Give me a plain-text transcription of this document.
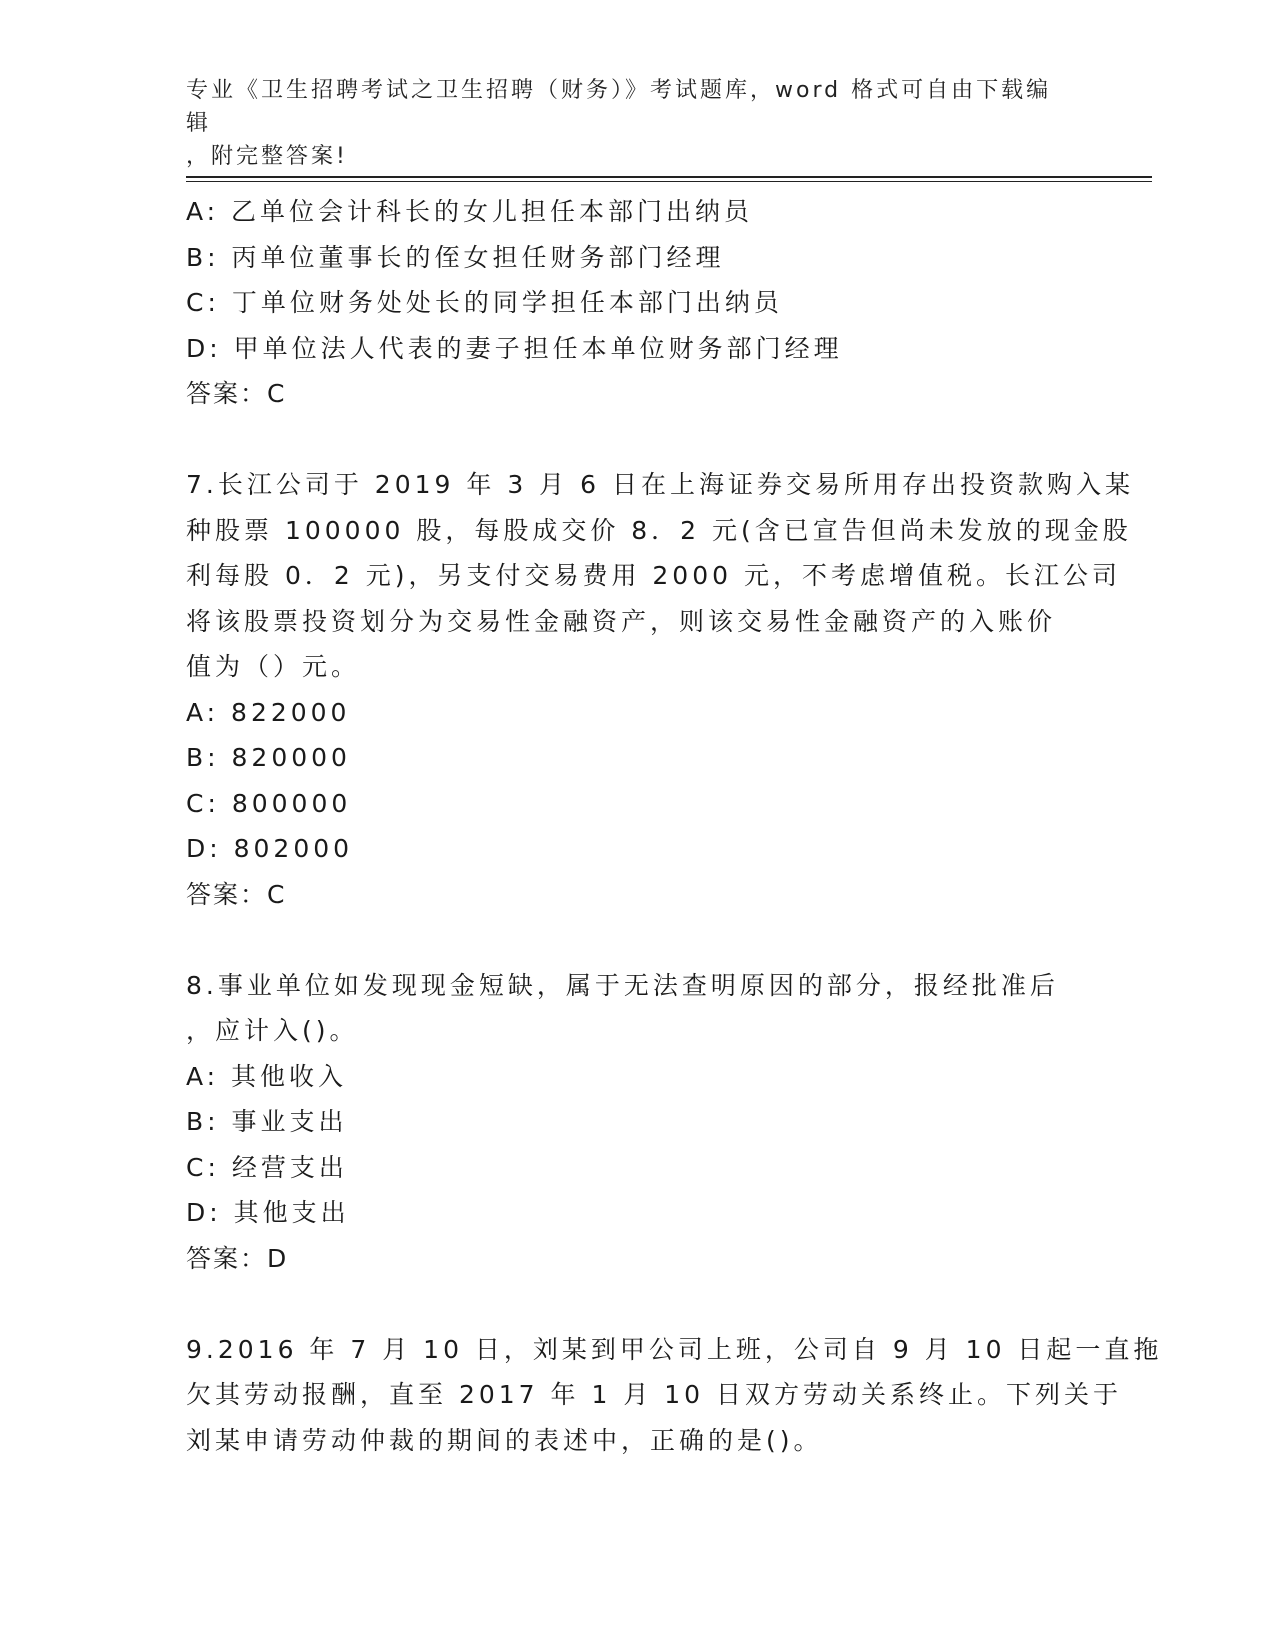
专业《卫生招聘考试之卫生招聘（财务）》考试题库，word 格式可自由下载编辑
，附完整答案!
A: 乙单位会计科长的女儿担任本部门出纳员
B: 丙单位董事长的侄女担任财务部门经理
C: 丁单位财务处处长的同学担任本部门出纳员
D: 甲单位法人代表的妻子担任本单位财务部门经理
答案：C
7.长江公司于 2019 年 3 月 6 日在上海证券交易所用存出投资款购入某
种股票 100000 股，每股成交价 8．2 元(含已宣告但尚未发放的现金股
利每股 0．2 元)，另支付交易费用 2000 元，不考虑增值税。长江公司
将该股票投资划分为交易性金融资产，则该交易性金融资产的入账价
值为（）元。
A: 822000
B: 820000
C: 800000
D: 802000
答案：C
8.事业单位如发现现金短缺，属于无法查明原因的部分，报经批准后
，应计入()。
A: 其他收入
B: 事业支出
C: 经营支出
D: 其他支出
答案：D
9.2016 年 7 月 10 日，刘某到甲公司上班，公司自 9 月 10 日起一直拖
欠其劳动报酬，直至 2017 年 1 月 10 日双方劳动关系终止。下列关于
刘某申请劳动仲裁的期间的表述中，正确的是()。
